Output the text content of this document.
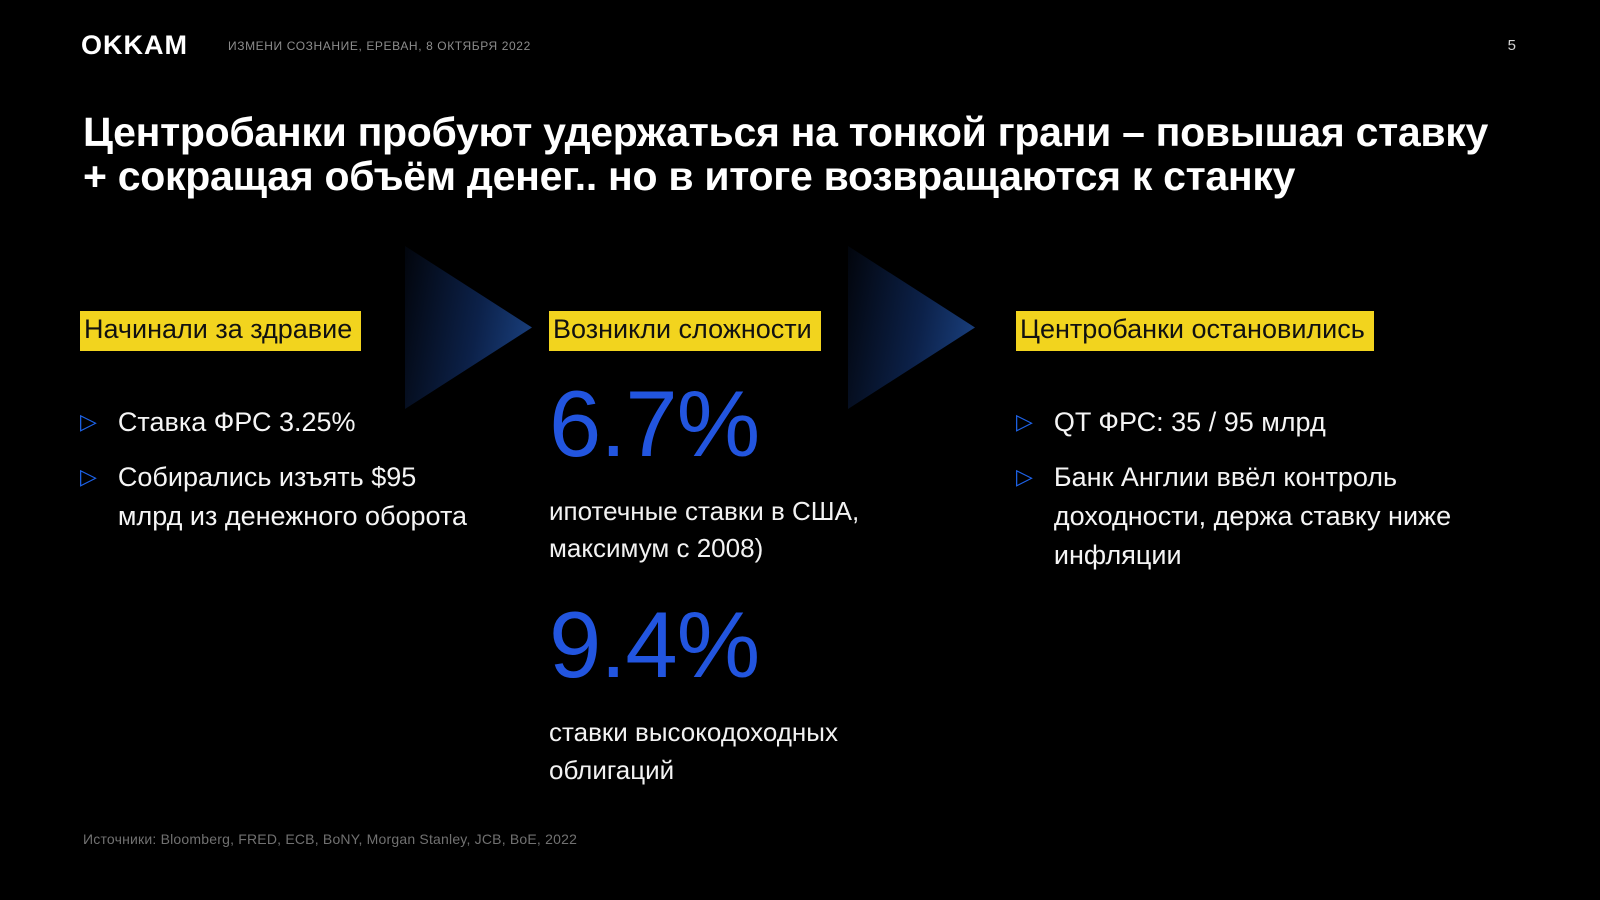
OKKAM	ИЗМЕНИ СОЗНАНИЕ, ЕРЕВАН, 8 ОКТЯБРЯ 2022	5
Центробанки пробуют удержаться на тонкой грани – повышая ставку + сокращая объём денег.. но в итоге возвращаются к станку
Начинали за здравие
▷ Ставка ФРС 3.25%
▷ Собирались изъять $95 млрд из денежного оборота
Возникли сложности
6.7%
ипотечные ставки в США, максимум с 2008)
9.4%
ставки высокодоходных облигаций
Центробанки остановились
▷ QT ФРС: 35 / 95 млрд
▷ Банк Англии ввёл контроль доходности, держа ставку ниже инфляции
Источники: Bloomberg, FRED, ECB, BoNY, Morgan Stanley, JCB, BoE, 2022
